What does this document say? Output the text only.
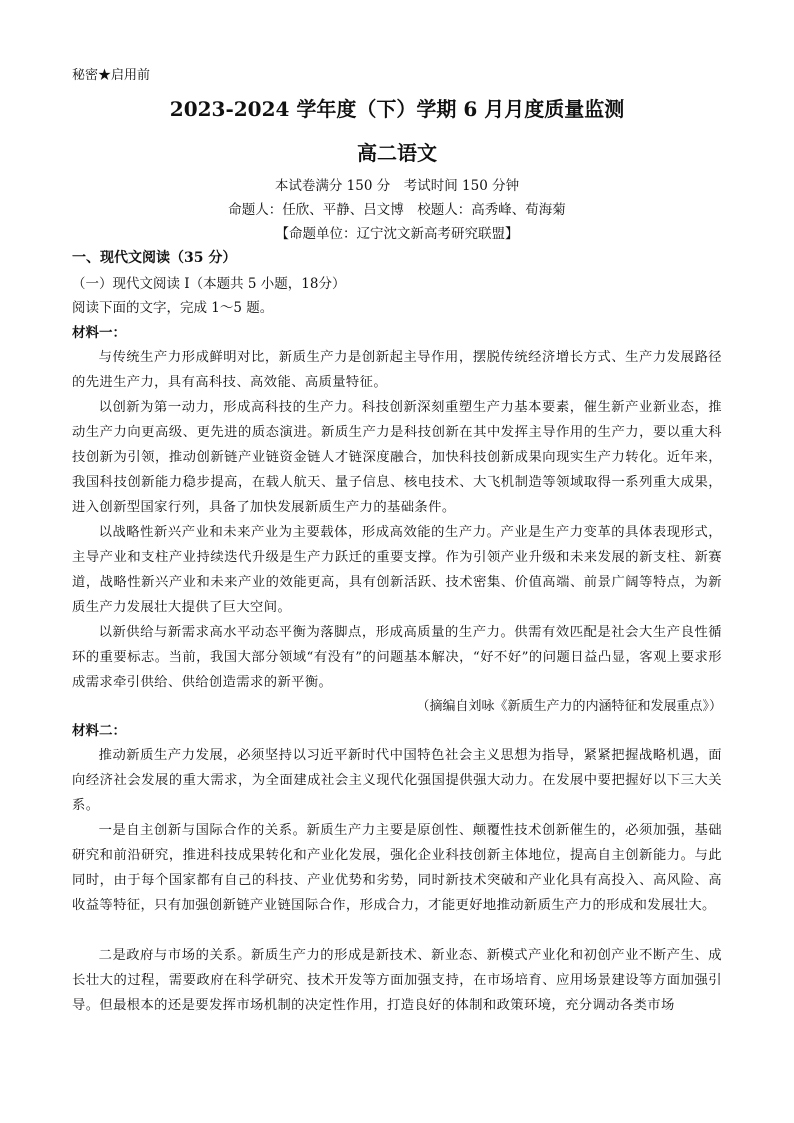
秘密★启用前
2023-2024 学年度（下）学期 6 月月度质量监测
高二语文
本试卷满分 150 分　考试时间 150 分钟
命题人：任欣、平静、吕文博　校题人：高秀峰、荀海菊
【命题单位：辽宁沈文新高考研究联盟】
一、现代文阅读（35 分）
（一）现代文阅读 I（本题共 5 小题，18分）
阅读下面的文字，完成 1～5 题。
材料一：
与传统生产力形成鲜明对比，新质生产力是创新起主导作用，摆脱传统经济增长方式、生产力发展路径的先进生产力，具有高科技、高效能、高质量特征。
以创新为第一动力，形成高科技的生产力。科技创新深刻重塑生产力基本要素，催生新产业新业态，推动生产力向更高级、更先进的质态演进。新质生产力是科技创新在其中发挥主导作用的生产力，要以重大科技创新为引领，推动创新链产业链资金链人才链深度融合，加快科技创新成果向现实生产力转化。近年来，我国科技创新能力稳步提高，在载人航天、量子信息、核电技术、大飞机制造等领域取得一系列重大成果，进入创新型国家行列，具备了加快发展新质生产力的基础条件。
以战略性新兴产业和未来产业为主要载体，形成高效能的生产力。产业是生产力变革的具体表现形式，主导产业和支柱产业持续迭代升级是生产力跃迁的重要支撑。作为引领产业升级和未来发展的新支柱、新赛道，战略性新兴产业和未来产业的效能更高，具有创新活跃、技术密集、价值高端、前景广阔等特点，为新质生产力发展壮大提供了巨大空间。
以新供给与新需求高水平动态平衡为落脚点，形成高质量的生产力。供需有效匹配是社会大生产良性循环的重要标志。当前，我国大部分领域“有没有”的问题基本解决，“好不好”的问题日益凸显，客观上要求形成需求牵引供给、供给创造需求的新平衡。
（摘编自刘咏《新质生产力的内涵特征和发展重点》）
材料二：
推动新质生产力发展，必须坚持以习近平新时代中国特色社会主义思想为指导，紧紧把握战略机遇，面向经济社会发展的重大需求，为全面建成社会主义现代化强国提供强大动力。在发展中要把握好以下三大关系。
一是自主创新与国际合作的关系。新质生产力主要是原创性、颠覆性技术创新催生的，必须加强，基础研究和前沿研究，推进科技成果转化和产业化发展，强化企业科技创新主体地位，提高自主创新能力。与此同时，由于每个国家都有自己的科技、产业优势和劣势，同时新技术突破和产业化具有高投入、高风险、高收益等特征，只有加强创新链产业链国际合作，形成合力，才能更好地推动新质生产力的形成和发展壮大。
二是政府与市场的关系。新质生产力的形成是新技术、新业态、新模式产业化和初创产业不断产生、成长壮大的过程，需要政府在科学研究、技术开发等方面加强支持，在市场培育、应用场景建设等方面加强引导。但最根本的还是要发挥市场机制的决定性作用，打造良好的体制和政策环境，充分调动各类市场
